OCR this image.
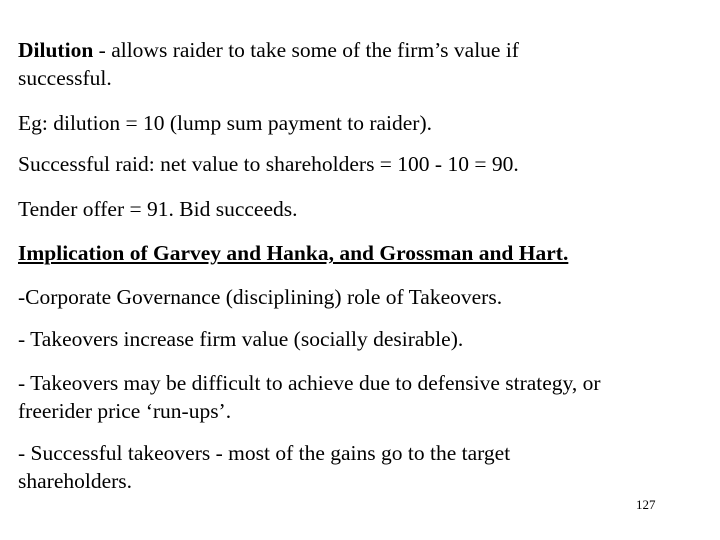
Dilution - allows raider to take some of the firm’s value if
successful.

Eg: dilution = 10 (lump sum payment to raider).

Successful raid: net value to shareholders = 100 - 10 = 90.

Tender offer = 91. Bid succeeds.

Implication of Garvey and Hanka, and Grossman and Hart.

-Corporate Governance (disciplining) role of Takeovers.

- Takeovers increase firm value (socially desirable).

- Takeovers may be difficult to achieve due to defensive strategy, or
freerider price ‘run-ups’.

- Successful takeovers - most of the gains go to the target
shareholders.

127
